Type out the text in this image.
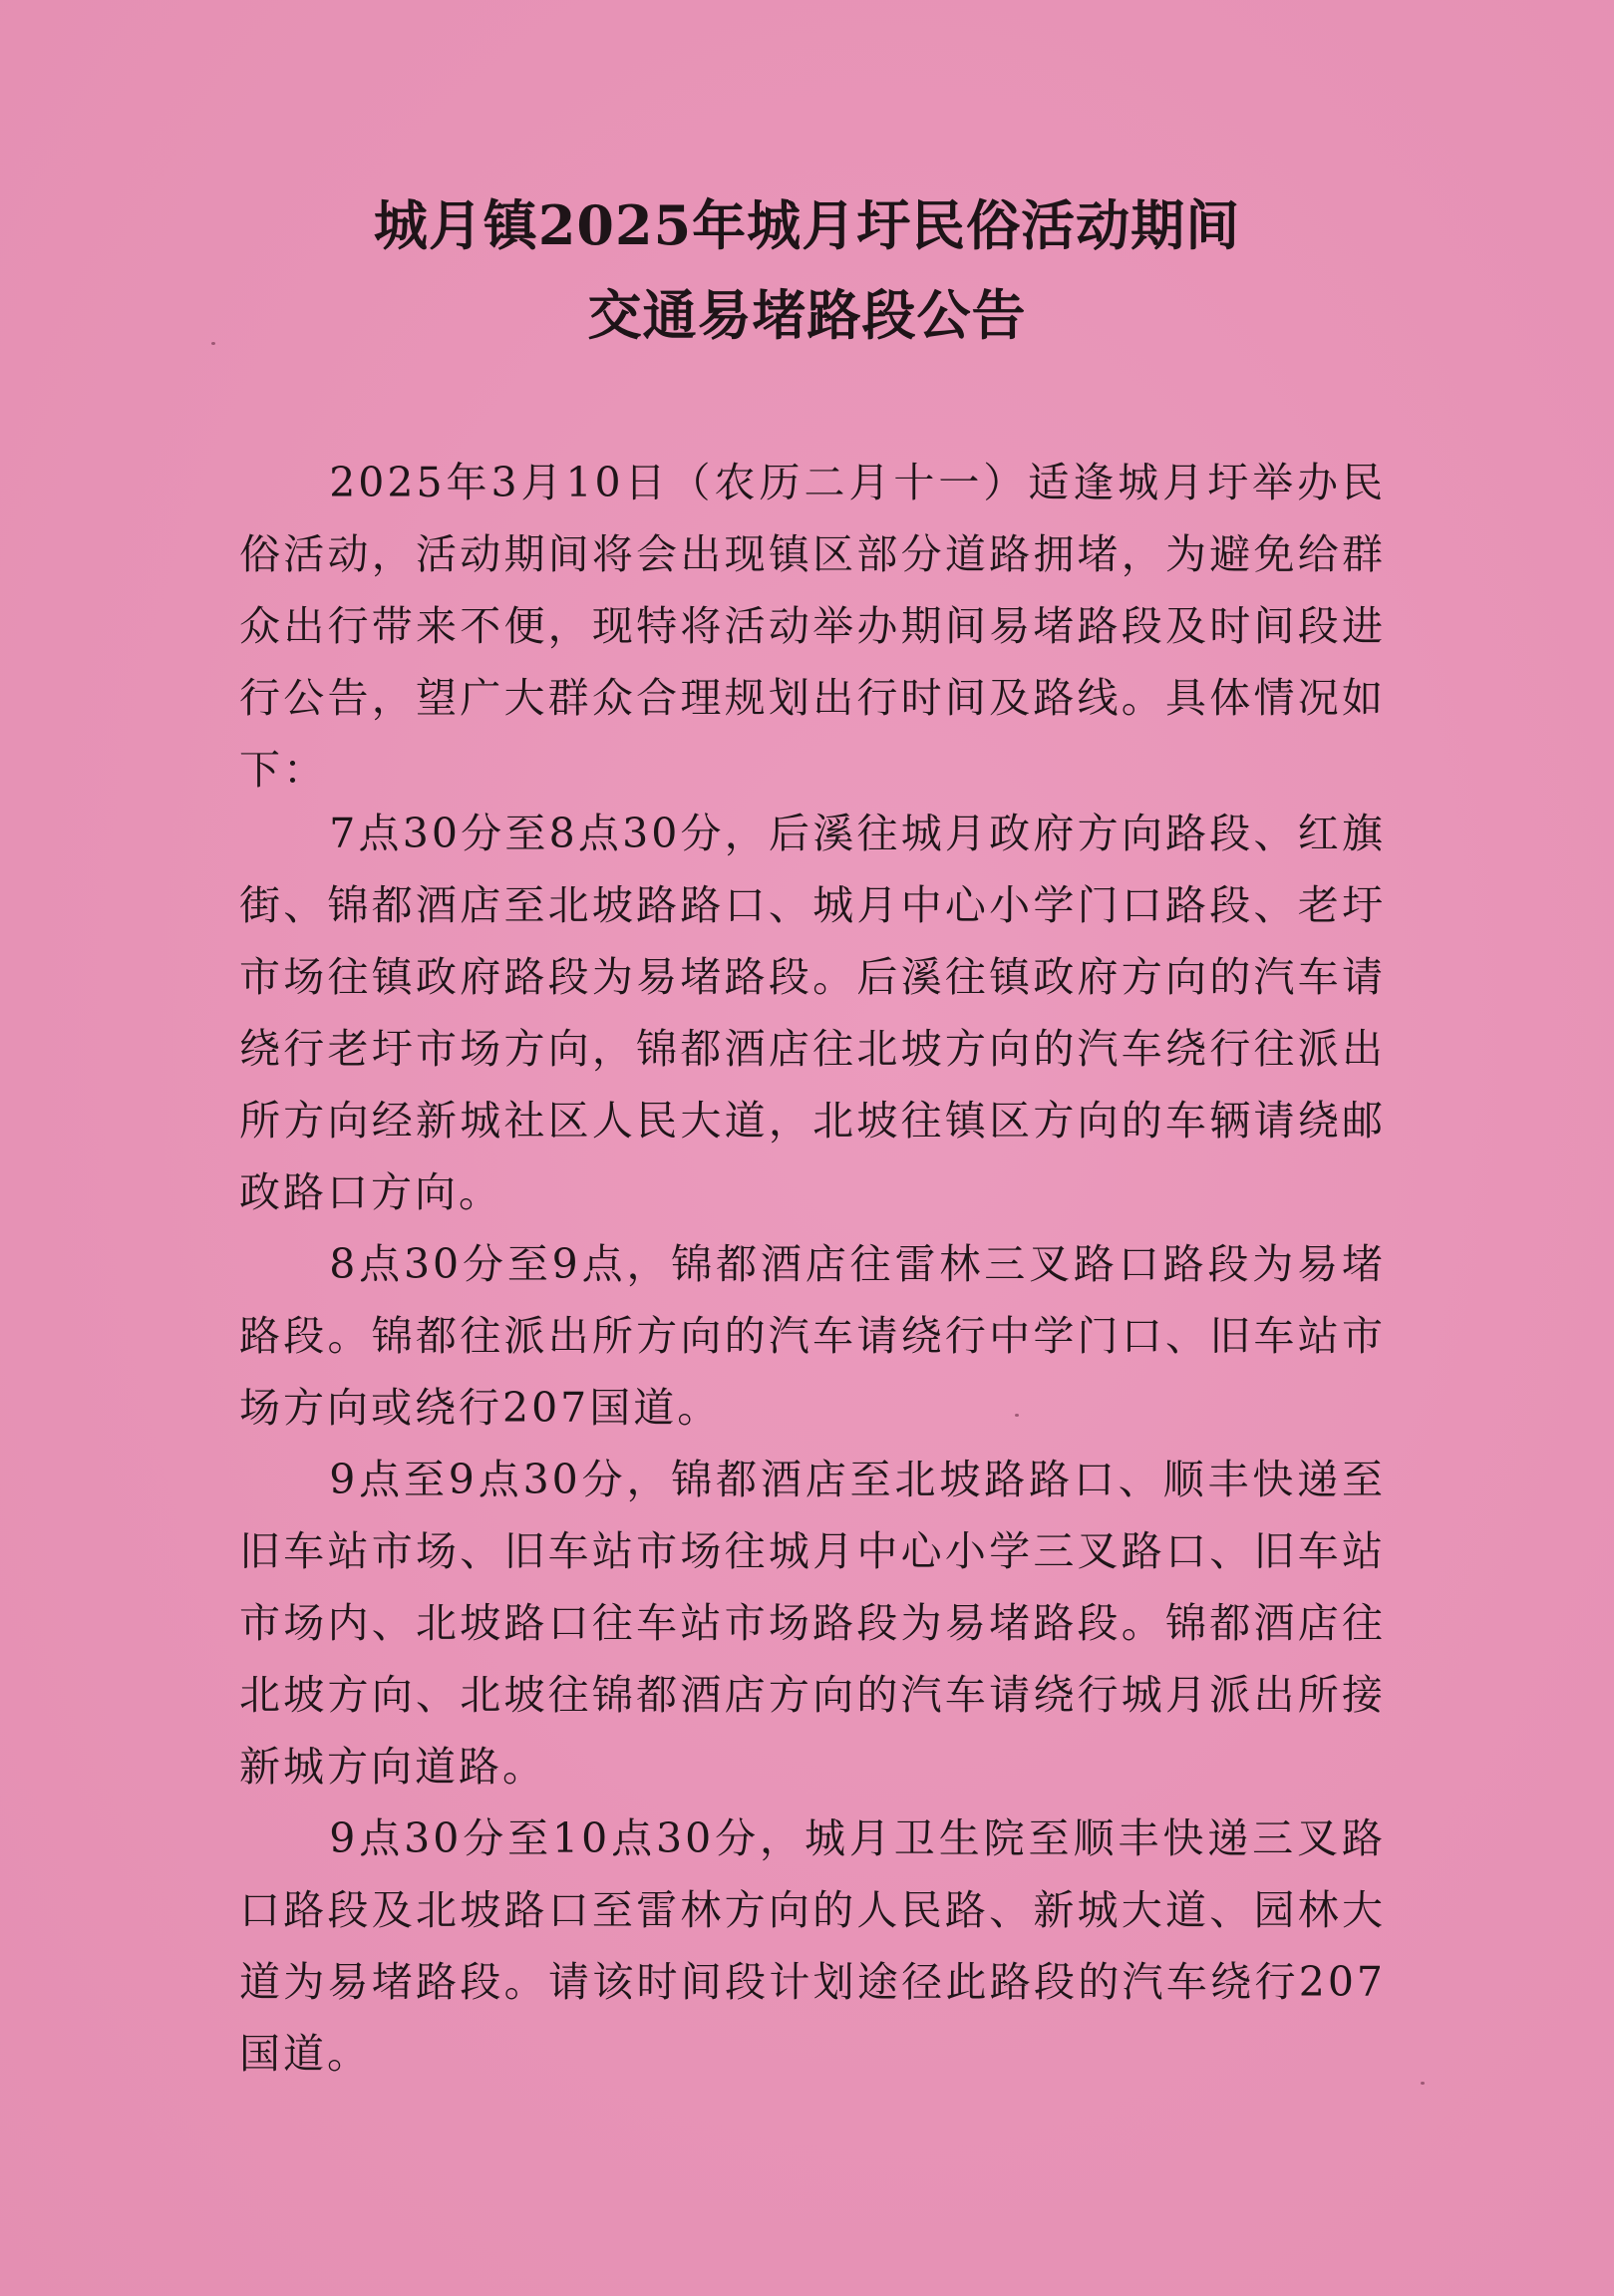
城月镇2025年城月圩民俗活动期间
交通易堵路段公告

2025年3月10日（农历二月十一）适逢城月圩举办民俗活动，活动期间将会出现镇区部分道路拥堵，为避免给群众出行带来不便，现特将活动举办期间易堵路段及时间段进行公告，望广大群众合理规划出行时间及路线。具体情况如下：

7点30分至8点30分，后溪往城月政府方向路段、红旗街、锦都酒店至北坡路路口、城月中心小学门口路段、老圩市场往镇政府路段为易堵路段。后溪往镇政府方向的汽车请绕行老圩市场方向，锦都酒店往北坡方向的汽车绕行往派出所方向经新城社区人民大道，北坡往镇区方向的车辆请绕邮政路口方向。

8点30分至9点，锦都酒店往雷林三叉路口路段为易堵路段。锦都往派出所方向的汽车请绕行中学门口、旧车站市场方向或绕行207国道。

9点至9点30分，锦都酒店至北坡路路口、顺丰快递至旧车站市场、旧车站市场往城月中心小学三叉路口、旧车站市场内、北坡路口往车站市场路段为易堵路段。锦都酒店往北坡方向、北坡往锦都酒店方向的汽车请绕行城月派出所接新城方向道路。

9点30分至10点30分，城月卫生院至顺丰快递三叉路口路段及北坡路口至雷林方向的人民路、新城大道、园林大道为易堵路段。请该时间段计划途径此路段的汽车绕行207国道。
